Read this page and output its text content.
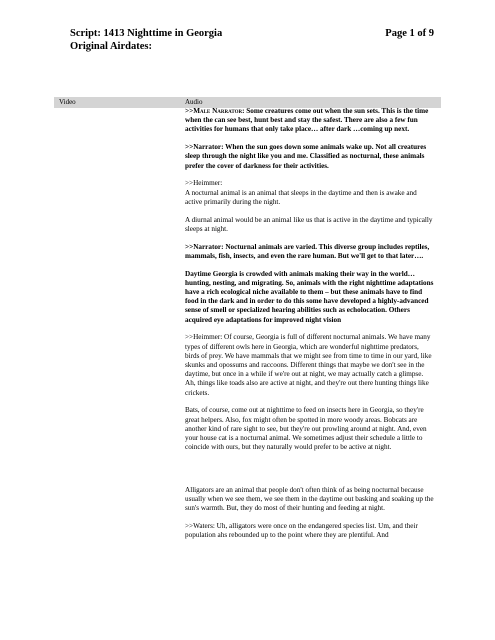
Script: 1413 Nighttime in Georgia	Page 1 of 9
Original Airdates:
Video	Audio

>>Male Narrator: Some creatures come out when the sun sets. This is the time when the can see best, hunt best and stay the safest. There are also a few fun activities for humans that only take place… after dark …coming up next.

>>Narrator: When the sun goes down some animals wake up. Not all creatures sleep through the night like you and me. Classified as nocturnal, these animals prefer the cover of darkness for their activities.

>>Heimmer:
A nocturnal animal is an animal that sleeps in the daytime and then is awake and active primarily during the night.

A diurnal animal would be an animal like us that is active in the daytime and typically sleeps at night.

>>Narrator: Nocturnal animals are varied. This diverse group includes reptiles, mammals, fish, insects, and even the rare human. But we'll get to that later….

Daytime Georgia is crowded with animals making their way in the world… hunting, nesting, and migrating. So, animals with the right nighttime adaptations have a rich ecological niche available to them – but these animals have to find food in the dark and in order to do this some have developed a highly-advanced sense of smell or specialized hearing abilities such as echolocation. Others acquired eye adaptations for improved night vision

>>Heimmer: Of course, Georgia is full of different nocturnal animals. We have many types of different owls here in Georgia, which are wonderful nighttime predators, birds of prey. We have mammals that we might see from time to time in our yard, like skunks and opossums and raccoons. Different things that maybe we don't see in the daytime, but once in a while if we're out at night, we may actually catch a glimpse. Ah, things like toads also are active at night, and they're out there hunting things like crickets.

Bats, of course, come out at nighttime to feed on insects here in Georgia, so they're great helpers. Also, fox might often be spotted in more woody areas. Bobcats are another kind of rare sight to see, but they're out prowling around at night. And, even your house cat is a nocturnal animal. We sometimes adjust their schedule a little to coincide with ours, but they naturally would prefer to be active at night.

Alligators are an animal that people don't often think of as being nocturnal because usually when we see them, we see them in the daytime out basking and soaking up the sun's warmth. But, they do most of their hunting and feeding at night.

>>Waters: Uh, alligators were once on the endangered species list. Um, and their population ahs rebounded up to the point where they are plentiful. And
